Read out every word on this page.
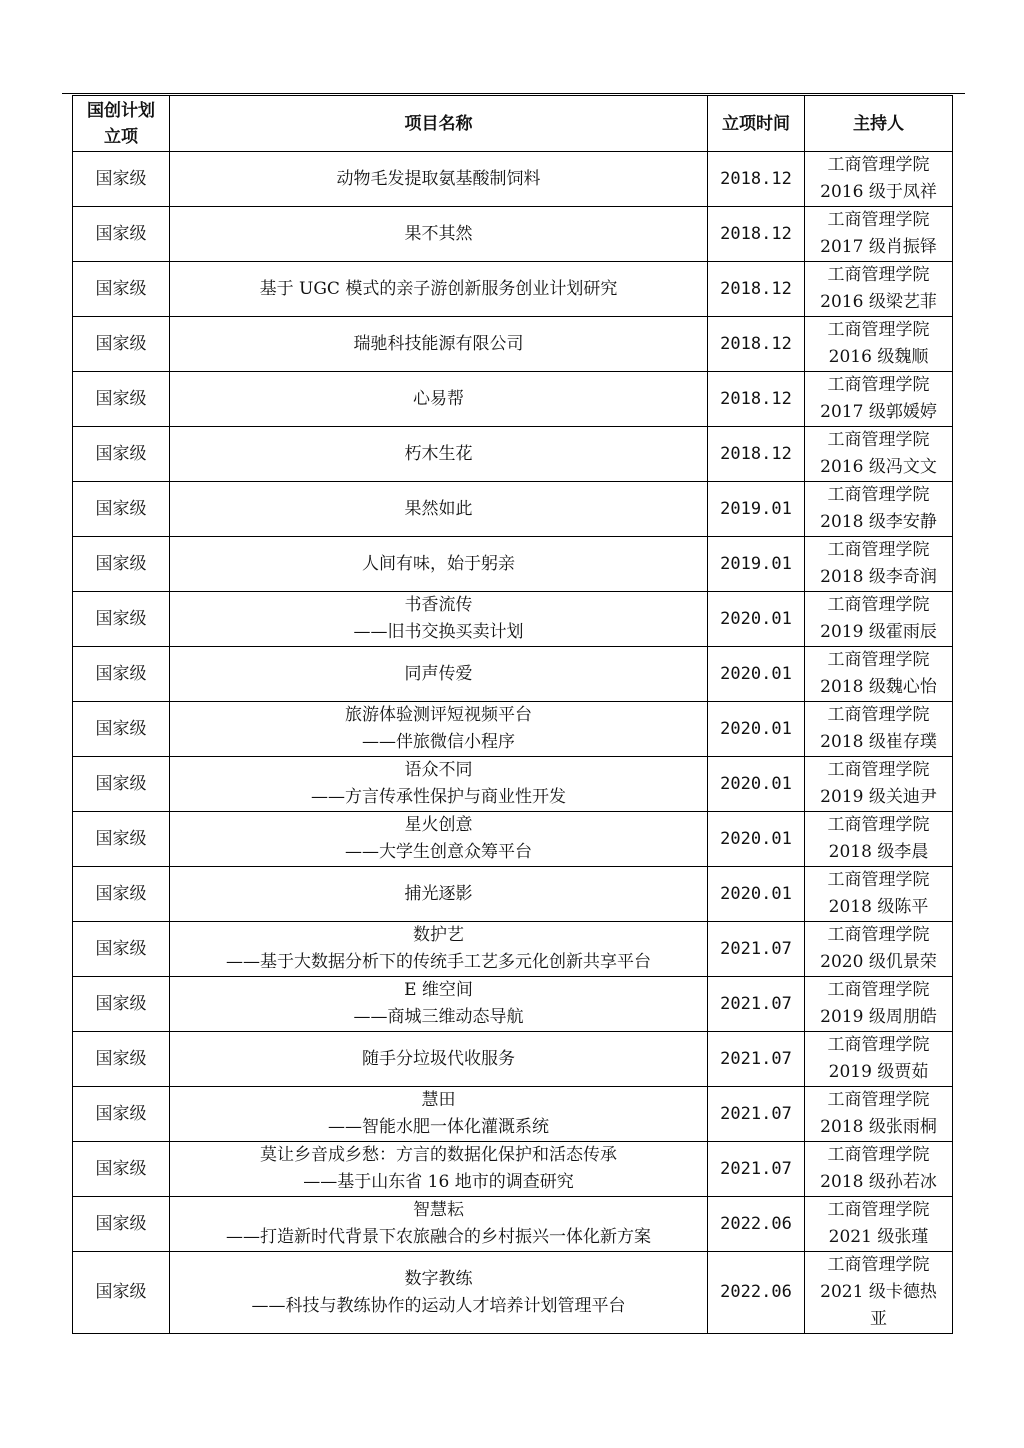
国创计划
立项	项目名称	立项时间	主持人
国家级	动物毛发提取氨基酸制饲料	2018.12	工商管理学院
2016 级于凤祥

国家级	果不其然	2018.12	工商管理学院
2017 级肖振铎

国家级	基于 UGC 模式的亲子游创新服务创业计划研究	2018.12	工商管理学院
2016 级梁艺菲

国家级	瑞驰科技能源有限公司	2018.12	工商管理学院
2016 级魏顺

国家级	心易帮	2018.12	工商管理学院
2017 级郭媛婷

国家级	朽木生花	2018.12	工商管理学院
2016 级冯文文

国家级	果然如此	2019.01	工商管理学院
2018 级李安静

国家级	人间有味，始于躬亲	2019.01	工商管理学院
2018 级李奇润

国家级	书香流传
——旧书交换买卖计划	2020.01	工商管理学院
2019 级霍雨辰

国家级	同声传爱	2020.01	工商管理学院
2018 级魏心怡

国家级	旅游体验测评短视频平台
——伴旅微信小程序	2020.01	工商管理学院
2018 级崔存璞

国家级	语众不同
——方言传承性保护与商业性开发	2020.01	工商管理学院
2019 级关迪尹

国家级	星火创意
——大学生创意众筹平台	2020.01	工商管理学院
2018 级李晨

国家级	捕光逐影	2020.01	工商管理学院
2018 级陈平

国家级	数护艺
——基于大数据分析下的传统手工艺多元化创新共享平台	2021.07	工商管理学院
2020 级仉景荣

国家级	E 维空间
——商城三维动态导航	2021.07	工商管理学院
2019 级周朋皓

国家级	随手分垃圾代收服务	2021.07	工商管理学院
2019 级贾茹

国家级	慧田
——智能水肥一体化灌溉系统	2021.07	工商管理学院
2018 级张雨桐

国家级	莫让乡音成乡愁：方言的数据化保护和活态传承
——基于山东省 16 地市的调查研究	2021.07	工商管理学院
2018 级孙若冰

国家级	智慧耘
——打造新时代背景下农旅融合的乡村振兴一体化新方案	2022.06	工商管理学院
2021 级张瑾

国家级	数字教练
——科技与教练协作的运动人才培养计划管理平台	2022.06	工商管理学院
2021 级卡德热
亚
